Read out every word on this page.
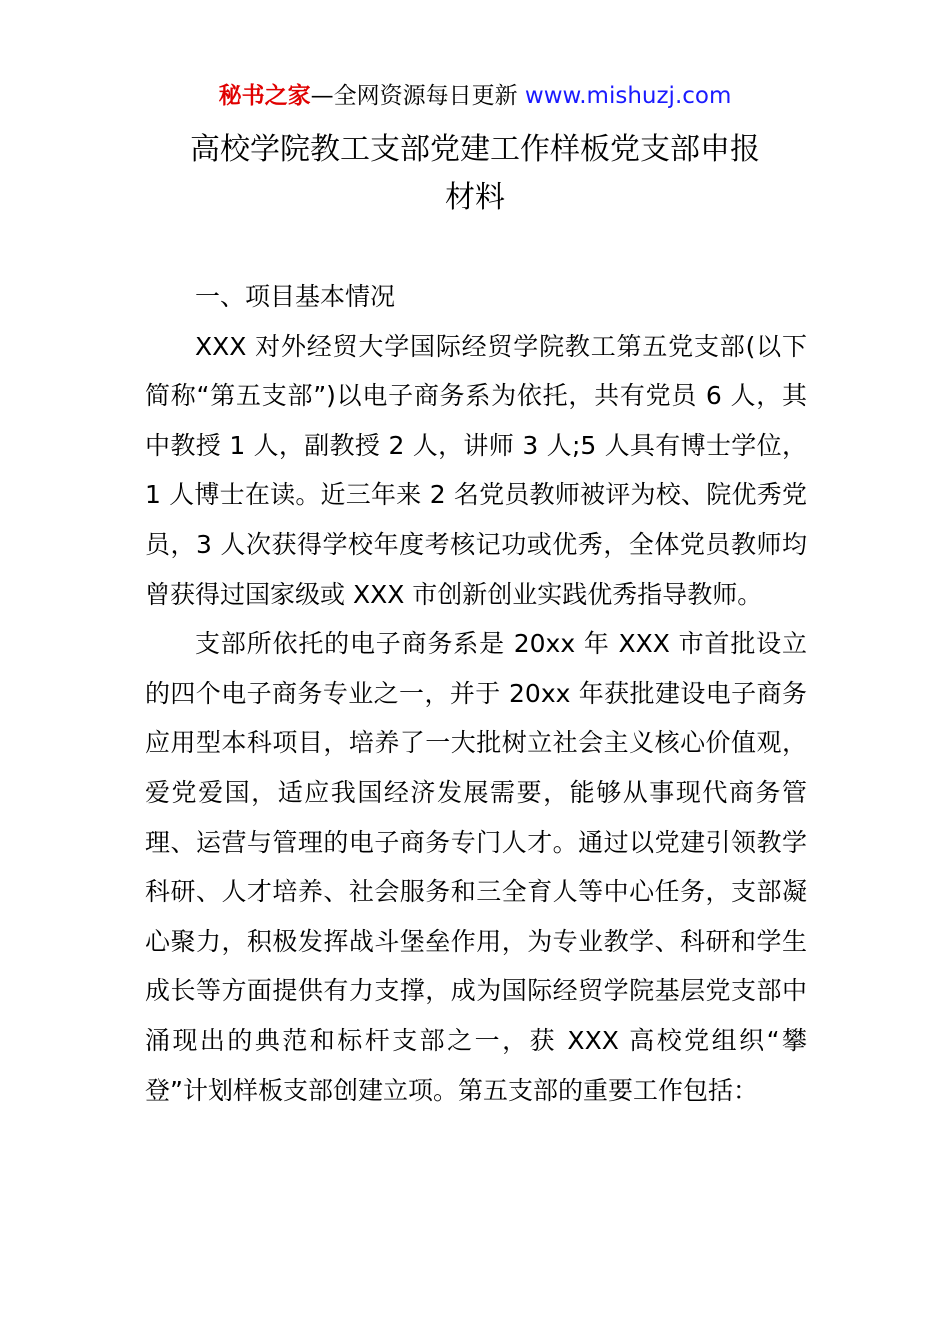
秘书之家—全网资源每日更新 www.mishuzj.com
高校学院教工支部党建工作样板党支部申报
材料

一、项目基本情况

XXX 对外经贸大学国际经贸学院教工第五党支部(以下简称“第五支部”)以电子商务系为依托，共有党员 6 人，其中教授 1 人，副教授 2 人，讲师 3 人;5 人具有博士学位，1 人博士在读。近三年来 2 名党员教师被评为校、院优秀党员，3 人次获得学校年度考核记功或优秀，全体党员教师均曾获得过国家级或 XXX 市创新创业实践优秀指导教师。

支部所依托的电子商务系是 20xx 年 XXX 市首批设立的四个电子商务专业之一，并于 20xx 年获批建设电子商务应用型本科项目，培养了一大批树立社会主义核心价值观，爱党爱国，适应我国经济发展需要，能够从事现代商务管理、运营与管理的电子商务专门人才。通过以党建引领教学科研、人才培养、社会服务和三全育人等中心任务，支部凝心聚力，积极发挥战斗堡垒作用，为专业教学、科研和学生成长等方面提供有力支撑，成为国际经贸学院基层党支部中涌现出的典范和标杆支部之一，获 XXX 高校党组织“攀登”计划样板支部创建立项。第五支部的重要工作包括：
